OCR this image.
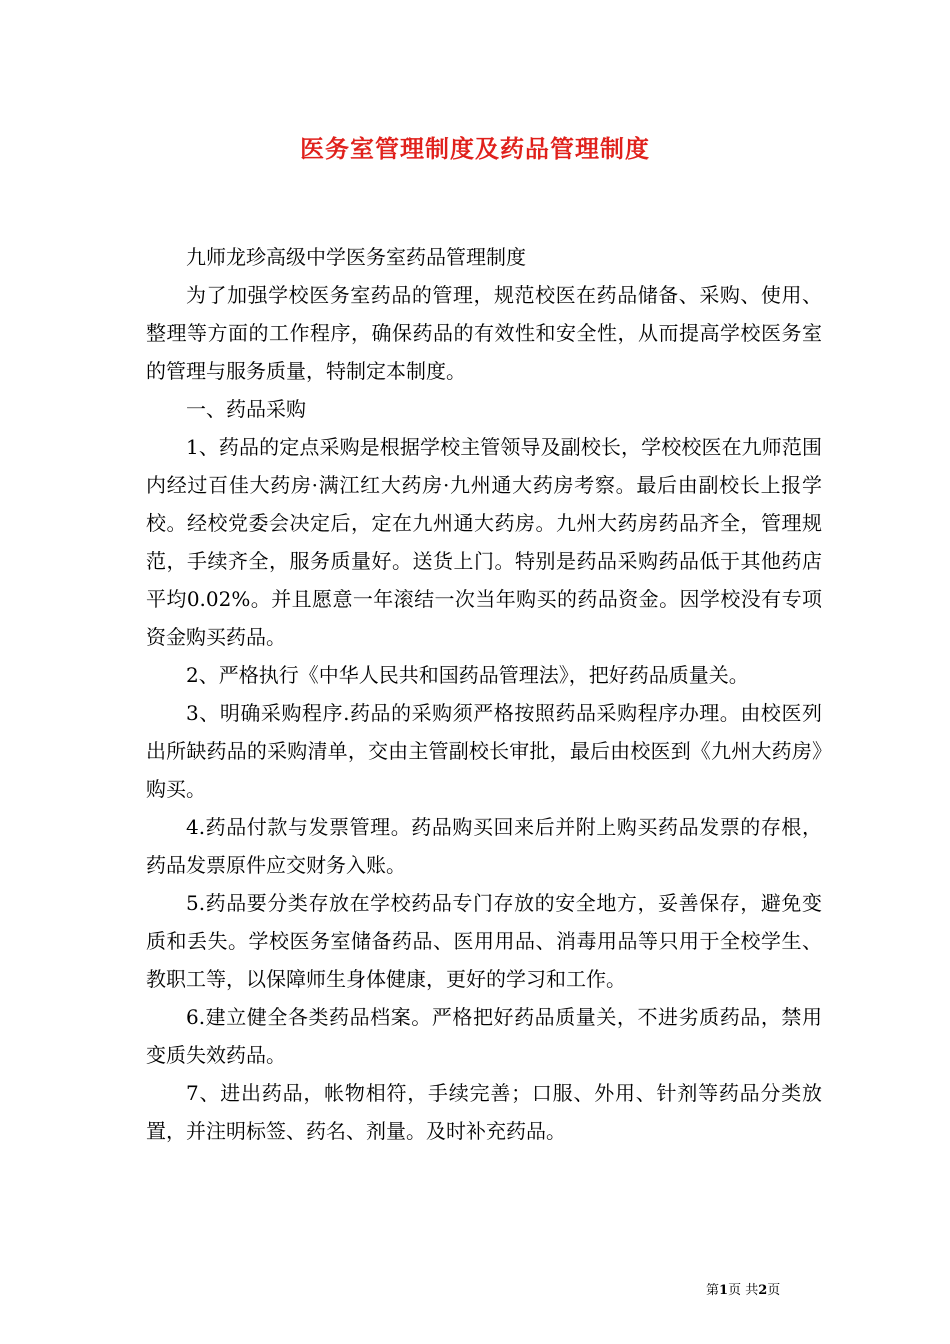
医务室管理制度及药品管理制度

九师龙珍高级中学医务室药品管理制度

为了加强学校医务室药品的管理，规范校医在药品储备、采购、使用、整理等方面的工作程序，确保药品的有效性和安全性，从而提高学校医务室的管理与服务质量，特制定本制度。

一、药品采购

1、药品的定点采购是根据学校主管领导及副校长，学校校医在九师范围内经过百佳大药房·满江红大药房·九州通大药房考察。最后由副校长上报学校。经校党委会决定后，定在九州通大药房。九州大药房药品齐全，管理规范，手续齐全，服务质量好。送货上门。特别是药品采购药品低于其他药店平均0.02%。并且愿意一年滚结一次当年购买的药品资金。因学校没有专项资金购买药品。

2、严格执行《中华人民共和国药品管理法》，把好药品质量关。

3、明确采购程序.药品的采购须严格按照药品采购程序办理。由校医列出所缺药品的采购清单，交由主管副校长审批，最后由校医到《九州大药房》购买。

4.药品付款与发票管理。药品购买回来后并附上购买药品发票的存根，药品发票原件应交财务入账。

5.药品要分类存放在学校药品专门存放的安全地方，妥善保存，避免变质和丢失。学校医务室储备药品、医用用品、消毒用品等只用于全校学生、教职工等，以保障师生身体健康，更好的学习和工作。

6.建立健全各类药品档案。严格把好药品质量关，不进劣质药品，禁用变质失效药品。

7、进出药品，帐物相符，手续完善；口服、外用、针剂等药品分类放置，并注明标签、药名、剂量。及时补充药品。

第1页 共2页
